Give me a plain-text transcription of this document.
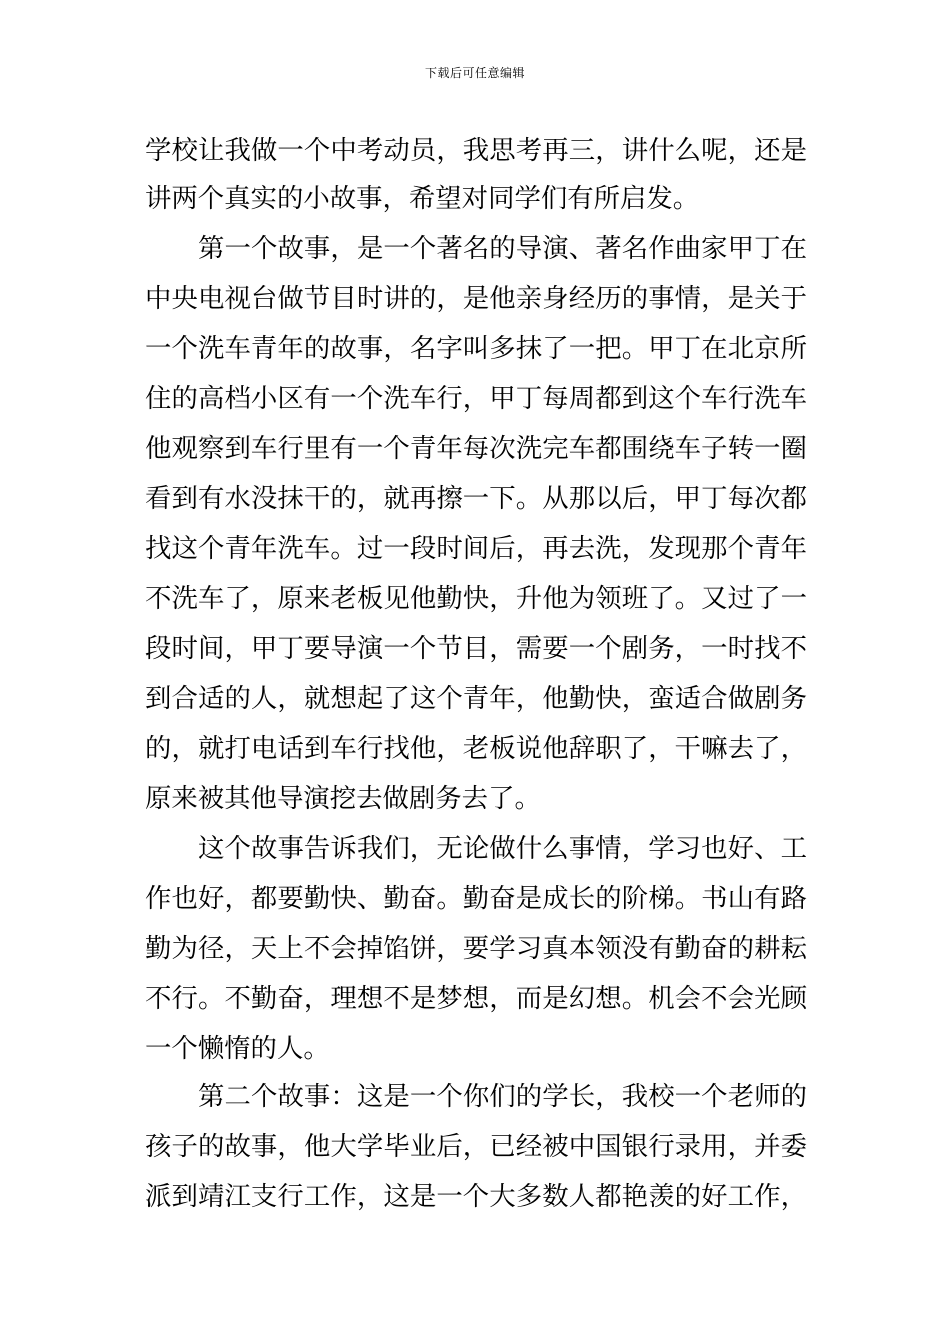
下载后可任意编辑
学校让我做一个中考动员，我思考再三，讲什么呢，还是
讲两个真实的小故事，希望对同学们有所启发。
第一个故事，是一个著名的导演、著名作曲家甲丁在
中央电视台做节目时讲的，是他亲身经历的事情，是关于
一个洗车青年的故事，名字叫多抹了一把。甲丁在北京所
住的高档小区有一个洗车行，甲丁每周都到这个车行洗车
他观察到车行里有一个青年每次洗完车都围绕车子转一圈
看到有水没抹干的，就再擦一下。从那以后，甲丁每次都
找这个青年洗车。过一段时间后，再去洗，发现那个青年
不洗车了，原来老板见他勤快，升他为领班了。又过了一
段时间，甲丁要导演一个节目，需要一个剧务，一时找不
到合适的人，就想起了这个青年，他勤快，蛮适合做剧务
的，就打电话到车行找他，老板说他辞职了，干嘛去了，
原来被其他导演挖去做剧务去了。
这个故事告诉我们，无论做什么事情，学习也好、工
作也好，都要勤快、勤奋。勤奋是成长的阶梯。书山有路
勤为径，天上不会掉馅饼，要学习真本领没有勤奋的耕耘
不行。不勤奋，理想不是梦想，而是幻想。机会不会光顾
一个懒惰的人。
第二个故事：这是一个你们的学长，我校一个老师的
孩子的故事，他大学毕业后，已经被中国银行录用，并委
派到靖江支行工作，这是一个大多数人都艳羡的好工作，
